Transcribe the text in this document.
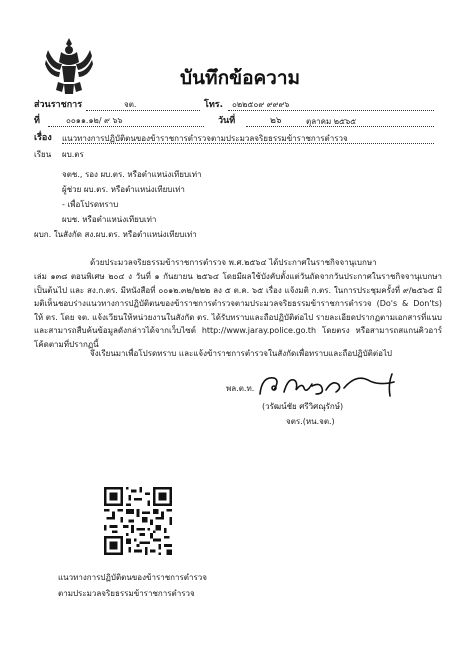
บันทึกข้อความ
ส่วนราชการ	จต.	โทร. ๐๒๒๕๐๙ ๙๙๙๖
ที่	๐๐๑๑.๑๒/ ๙ ๖๖	วันที่	๒๖	ตุลาคม ๒๕๖๕
เรื่อง แนวทางการปฏิบัติตนของข้าราชการตำรวจตามประมวลจริยธรรมข้าราชการตำรวจ
เรียน ผบ.ตร
จตช., รอง ผบ.ตร. หรือตำแหน่งเทียบเท่า
ผู้ช่วย ผบ.ตร. หรือตำแหน่งเทียบเท่า
- เพื่อโปรดทราบ
ผบช. หรือตำแหน่งเทียบเท่า
ผบก. ในสังกัด สง.ผบ.ตร. หรือตำแหน่งเทียบเท่า
ด้วยประมวลจริยธรรมข้าราชการตำรวจ พ.ศ.๒๕๖๔ ได้ประกาศในราชกิจจานุเบกษา
เล่ม ๑๓๘ ตอนพิเศษ ๒๐๔ ง วันที่ ๑ กันยายน ๒๕๖๔ โดยมีผลใช้บังคับตั้งแต่วันถัดจากวันประกาศในราชกิจจานุเบกษาเป็นต้นไป และ สง.ก.ตร. มีหนังสือที่ ๐๐๑๒.๓๒/๒๒๒ ลง ๕ ต.ค. ๖๕ เรื่อง แจ้งมติ ก.ตร. ในการประชุมครั้งที่ ๙/๒๕๖๕ มีมติเห็นชอบร่างแนวทางการปฏิบัติตนของข้าราชการตำรวจตามประมวลจริยธรรมข้าราชการตำรวจ (Do's & Don'ts) ให้ ตร. โดย จต. แจ้งเวียนให้หน่วยงานในสังกัด ตร. ได้รับทราบและถือปฏิบัติต่อไป รายละเอียดปรากฏตามเอกสารที่แนบ และสามารถสืบค้นข้อมูลดังกล่าวได้จากเว็บไซต์ http://www.jaray.police.go.th โดยตรง หรือสามารถสแกนคิวอาร์โค้ดตามที่ปรากฏนี้
จึงเรียนมาเพื่อโปรดทราบ และแจ้งข้าราชการตำรวจในสังกัดเพื่อทราบและถือปฏิบัติต่อไป
พล.ต.ท.
(วรัฒน์ชัย ศรีวิศณุรักษ์)
จตร.(หน.จต.)
แนวทางการปฏิบัติตนของข้าราชการตำรวจ
ตามประมวลจริยธรรมข้าราชการตำรวจ
